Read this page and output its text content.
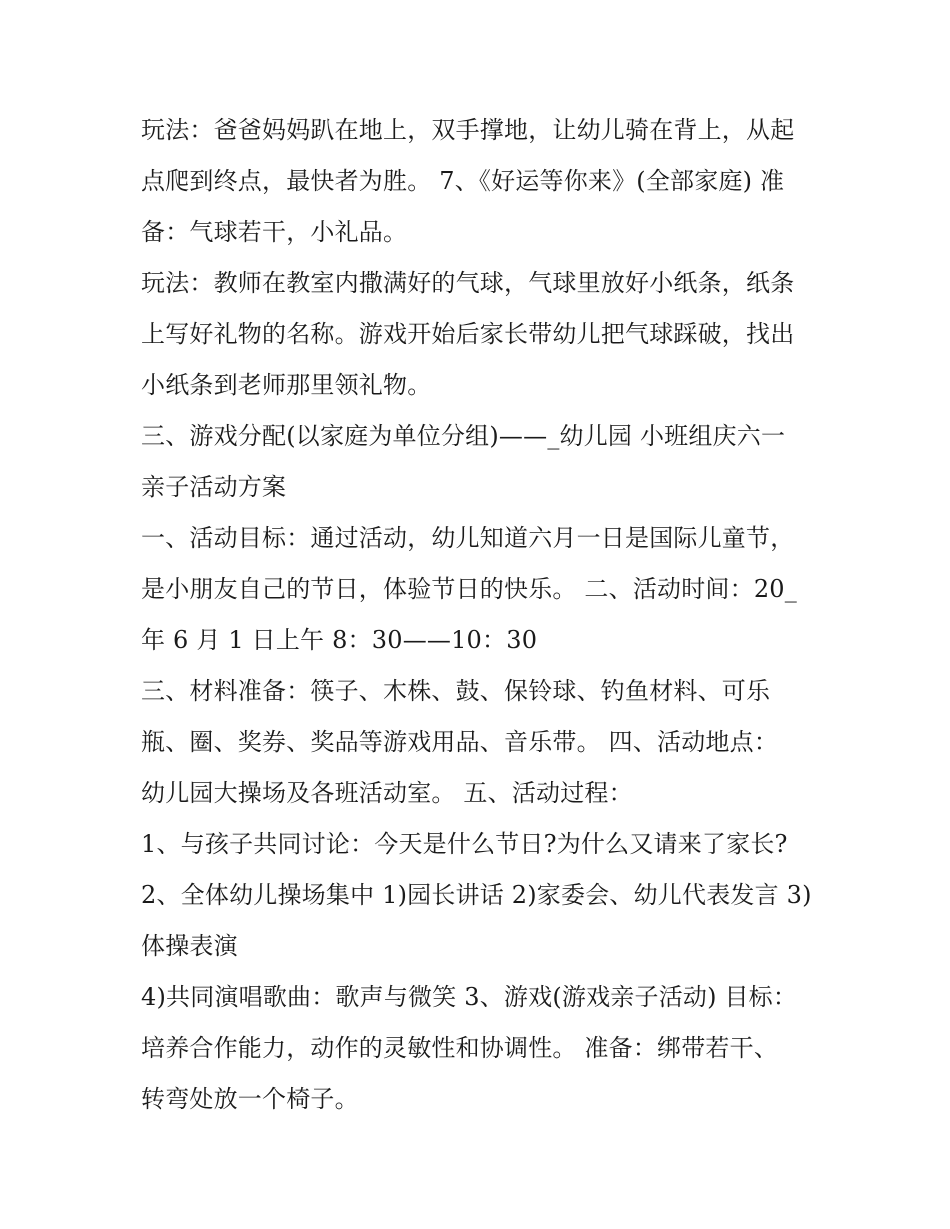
玩法：爸爸妈妈趴在地上，双手撑地，让幼儿骑在背上，从起
点爬到终点，最快者为胜。 7、《好运等你来》(全部家庭) 准
备：气球若干，小礼品。
玩法：教师在教室内撒满好的气球，气球里放好小纸条，纸条
上写好礼物的名称。游戏开始后家长带幼儿把气球踩破，找出
小纸条到老师那里领礼物。
三、游戏分配(以家庭为单位分组)——_幼儿园 小班组庆六一
亲子活动方案
一、活动目标：通过活动，幼儿知道六月一日是国际儿童节，
是小朋友自己的节日，体验节日的快乐。 二、活动时间：20_
年 6 月 1 日上午 8：30——10：30
三、材料准备：筷子、木株、鼓、保铃球、钓鱼材料、可乐
瓶、圈、奖券、奖品等游戏用品、音乐带。 四、活动地点：
幼儿园大操场及各班活动室。 五、活动过程：
1、与孩子共同讨论：今天是什么节日?为什么又请来了家长?
2、全体幼儿操场集中 1)园长讲话 2)家委会、幼儿代表发言 3)
体操表演
4)共同演唱歌曲：歌声与微笑 3、游戏(游戏亲子活动) 目标：
培养合作能力，动作的灵敏性和协调性。 准备：绑带若干、
转弯处放一个椅子。
